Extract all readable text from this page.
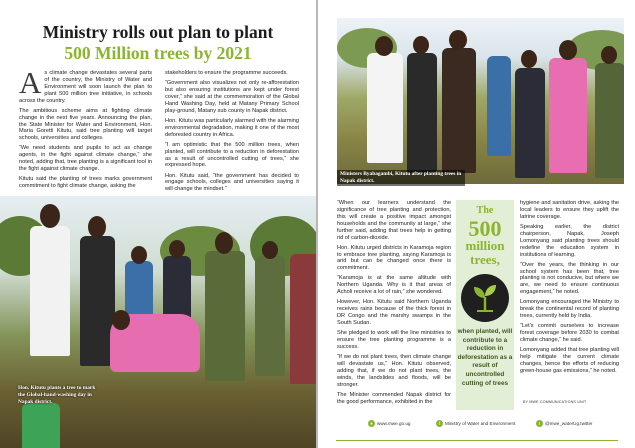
Ministry rolls out plan to plant
500 Million trees by 2021

As climate change devastates several parts of the country, the Ministry of Water and Environment will soon launch the plan to plant 500 million tree initiative, in schools across the country.

The ambitious scheme aims at fighting climate change in the next five years. Announcing the plan, the State Minister for Water and Environment, Hon. Maria Goretti Kitutu, said tree planting will target schools, universities and colleges.

“We need students and pupils to act as change agents, in the fight against climate change,” she noted, adding that, tree planting is a significant tool in the fight against climate change.

Kitutu said the planting of trees marks government commitment to fight climate change, asking the

stakeholders to ensure the programme succeeds.

“Government also visualizes not only re-afforestation but also ensuring institutions are kept under forest cover,” she said at the commemoration of the Global Hand Washing Day, held at Matany Primary School play-ground, Matany sub county in Napak district.

Hon. Kitutu was particularly alarmed with the alarming environmental degradation, making it one of the most deforested country in Africa.

“I am optimistic that the 500 million trees, when planted, will contribute to a reduction in deforestation as a result of uncontrolled cutting of trees,” she expressed hope.

Hon. Kitutu said, “the government has decided to engage schools, colleges and universities saying it will change the mindset.”

Hon. Kitutu plants a tree to mark the Global-hand-washing day in Napak district.
Ministers Byabagambi, Kitutu after planting trees in Napak district.

“When our learners understand the significance of tree planting and protection, this will create a positive impact amongst households and the community at large,” she further said, adding that trees help in getting rid of carbon-dioxide.

Hon. Kitutu urged districts in Karamoja region to embrace tree planting, saying Karamoja is arid but can be changed once there is commitment.

“Karamoja is at the same altitude with Northern Uganda. Why is it that areas of Acholi receive a lot of rain,” she wondered.

However, Hon. Kitutu said Northern Uganda receives rains because of the thick forest in DR Congo and the marshy swamps in the South Sudan.

She pledged to work will the line ministries to ensure the tree planting programme is a success.

“If we do not plant trees, then climate change will devastate us,” Hon. Kitutu observed, adding that, if we do not plant trees, the winds, the landslides and floods, will be stronger.

The Minister commended Napak district for the good performance, exhibited in the

The
500
million
trees,
when planted, will contribute to a reduction in deforestation as a result of uncontrolled cutting of trees

hygiene and sanitation drive, asking the local leaders to ensure they uplift the latrine coverage.

Speaking earlier, the district chairperson, Napak, Joseph Lomonyang said planting trees should redefine the education system in institutions of learning.

“Over the years, the thinking in our school system has been that, tree planting is not conducive, but where we are, we need to ensure continuous engagement,” he noted.

Lomonyang encouraged the Ministry to break the continental record of planting trees, currently held by India.

“Let's commit ourselves to increase forest coverage before 2030 to combat climate change,” he said.

Lomonyang added that tree planting will help mitigate the current climate changes, hence the efforts of reducing green-house gas emissions,” he noted.

BY MWE COMMUNICATIONS UNIT
● www.mwe.go.ug	f	Ministry of Water and Environment	t	@mwe_waterUg.twitter
